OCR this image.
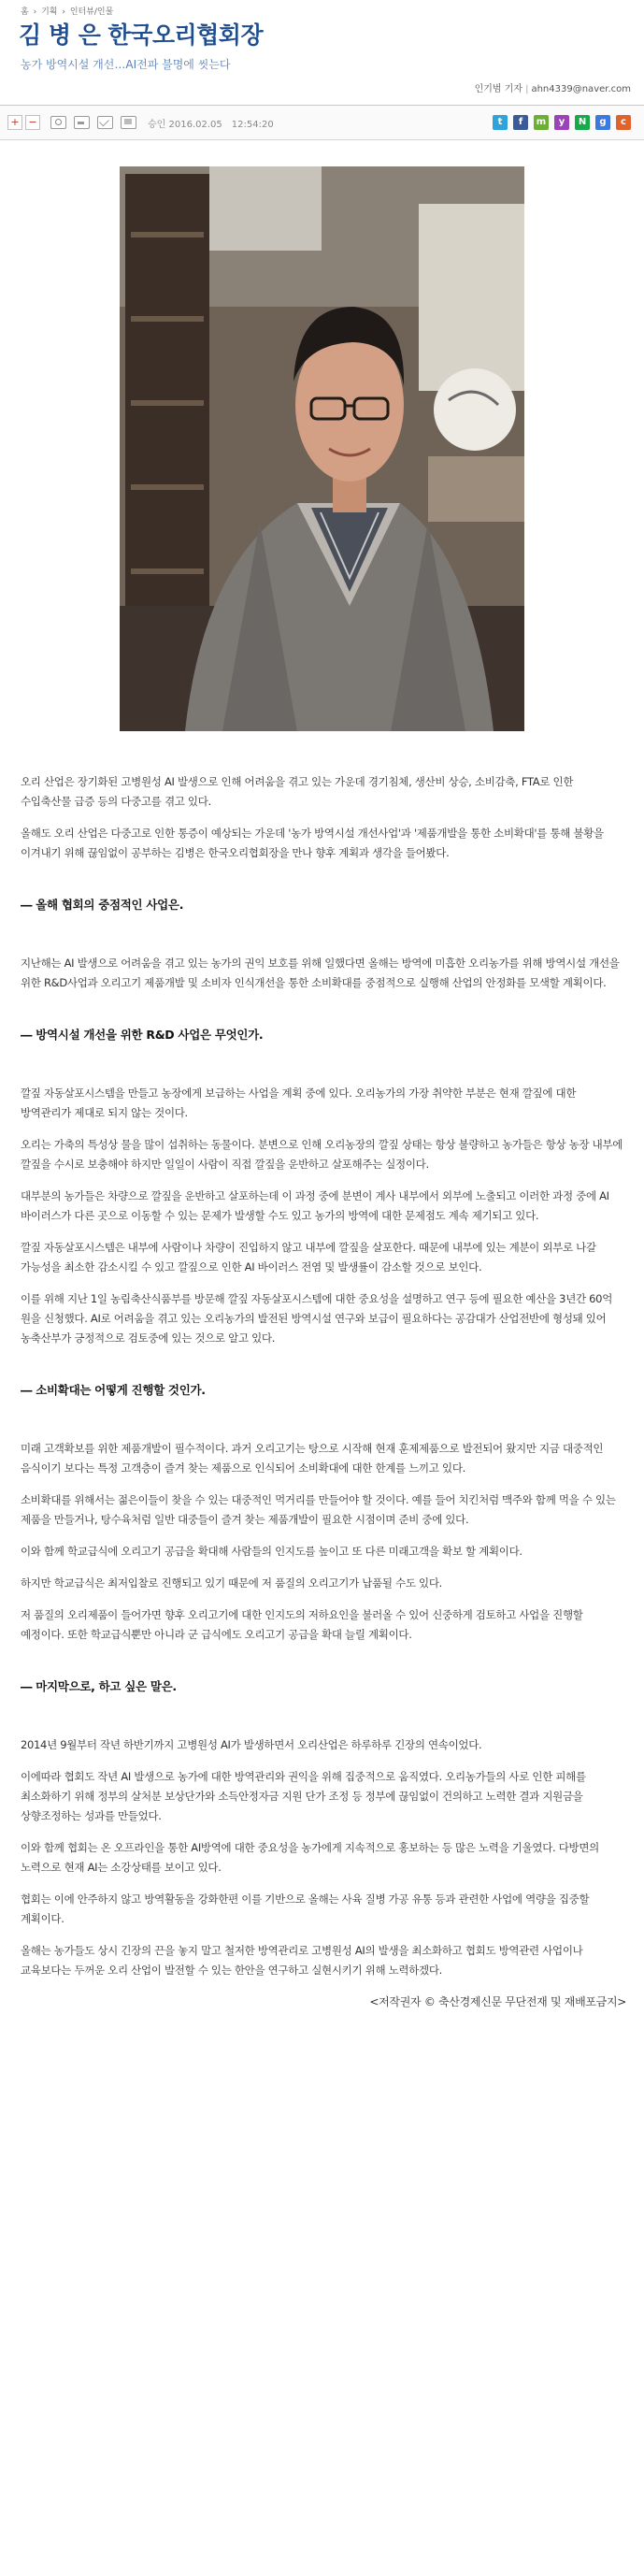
홈 › 기획 › 인터뷰/인물
김 병 은 한국오리협회장
농가 방역시설 개선…AI전파 불명에 씻는다
인기범 기자 | ahn4339@naver.com
+ −	승인 2016.02.05 12:54:20	t	f	m	y	N	g	c

오리 산업은 장기화된 고병원성 AI 발생으로 인해 어려움을 겪고 있는 가운데 경기침체, 생산비 상승, 소비감축, FTA로 인한 수입축산물 급증 등의 다중고를 겪고 있다.

올해도 오리 산업은 다중고로 인한 통증이 예상되는 가운데 '농가 방역시설 개선사업'과 '제품개발을 통한 소비확대'를 통해 불황을 이겨내기 위해 끊임없이 공부하는 김병은 한국오리협회장을 만나 향후 계획과 생각을 들어봤다.

― 올해 협회의 중점적인 사업은.

지난해는 AI 발생으로 어려움을 겪고 있는 농가의 권익 보호를 위해 일했다면 올해는 방역에 미흡한 오리농가를 위해 방역시설 개선을 위한 R&D사업과 오리고기 제품개발 및 소비자 인식개선을 통한 소비확대를 중점적으로 실행해 산업의 안정화를 모색할 계획이다.

― 방역시설 개선을 위한 R&D 사업은 무엇인가.

깔짚 자동살포시스템을 만들고 농장에게 보급하는 사업을 계획 중에 있다. 오리농가의 가장 취약한 부분은 현재 깔짚에 대한 방역관리가 제대로 되지 않는 것이다.

오리는 가축의 특성상 물을 많이 섭취하는 동물이다. 분변으로 인해 오리농장의 깔짚 상태는 항상 불량하고 농가들은 항상 농장 내부에 깔짚을 수시로 보충해야 하지만 일일이 사람이 직접 깔짚을 운반하고 살포해주는 실정이다.

대부분의 농가들은 차량으로 깔짚을 운반하고 살포하는데 이 과정 중에 분변이 계사 내부에서 외부에 노출되고 이러한 과정 중에 AI 바이러스가 다른 곳으로 이동할 수 있는 문제가 발생할 수도 있고 농가의 방역에 대한 문제점도 계속 제기되고 있다.

깔짚 자동살포시스템은 내부에 사람이나 차량이 진입하지 않고 내부에 깔짚을 살포한다. 때문에 내부에 있는 계분이 외부로 나갈 가능성을 최소한 감소시킬 수 있고 깔짚으로 인한 AI 바이러스 전염 및 발생률이 감소할 것으로 보인다.

이를 위해 지난 1일 농림축산식품부를 방문해 깔짚 자동살포시스템에 대한 중요성을 설명하고 연구 등에 필요한 예산을 3년간 60억 원을 신청했다. AI로 어려움을 겪고 있는 오리농가의 발전된 방역시설 연구와 보급이 필요하다는 공감대가 산업전반에 형성돼 있어 농축산부가 긍정적으로 검토중에 있는 것으로 알고 있다.

― 소비확대는 어떻게 진행할 것인가.

미래 고객확보를 위한 제품개발이 필수적이다. 과거 오리고기는 탕으로 시작해 현재 훈제제품으로 발전되어 왔지만 지금 대중적인 음식이기 보다는 특정 고객층이 즐겨 찾는 제품으로 인식되어 소비확대에 대한 한계를 느끼고 있다.

소비확대를 위해서는 젊은이들이 찾을 수 있는 대중적인 먹거리를 만들어야 할 것이다. 예를 들어 치킨처럼 맥주와 함께 먹을 수 있는 제품을 만들거나, 탕수육처럼 일반 대중들이 즐겨 찾는 제품개발이 필요한 시점이며 준비 중에 있다.

이와 함께 학교급식에 오리고기 공급을 확대해 사람들의 인지도를 높이고 또 다른 미래고객을 확보 할 계획이다.

하지만 학교급식은 최저입찰로 진행되고 있기 때문에 저 품질의 오리고기가 납품될 수도 있다.

저 품질의 오리제품이 들어가면 향후 오리고기에 대한 인지도의 저하요인을 불러올 수 있어 신중하게 검토하고 사업을 진행할 예정이다. 또한 학교급식뿐만 아니라 군 급식에도 오리고기 공급을 확대 늘릴 계획이다.

― 마지막으로, 하고 싶은 말은.

2014년 9월부터 작년 하반기까지 고병원성 AI가 발생하면서 오리산업은 하루하루 긴장의 연속이었다.

이에따라 협회도 작년 AI 발생으로 농가에 대한 방역관리와 권익을 위해 집중적으로 움직였다. 오리농가들의 사로 인한 피해를 최소화하기 위해 정부의 살처분 보상단가와 소득안정자금 지원 단가 조정 등 정부에 끊임없이 건의하고 노력한 결과 지원금을 상향조정하는 성과를 만들었다.

이와 함께 협회는 온 오프라인을 통한 AI방역에 대한 중요성을 농가에게 지속적으로 홍보하는 등 많은 노력을 기울였다. 다방면의 노력으로 현재 AI는 소강상태를 보이고 있다.

협회는 이에 안주하지 않고 방역활동을 강화한편 이를 기반으로 올해는 사육 질병 가공 유통 등과 관련한 사업에 역량을 집중할 계획이다.

올해는 농가들도 상시 긴장의 끈을 놓지 말고 철저한 방역관리로 고병원성 AI의 발생을 최소화하고 협회도 방역관련 사업이나 교육보다는 두꺼운 오리 산업이 발전할 수 있는 한안을 연구하고 실현시키기 위해 노력하겠다.

<저작권자 © 축산경제신문 무단전재 및 재배포금지>
